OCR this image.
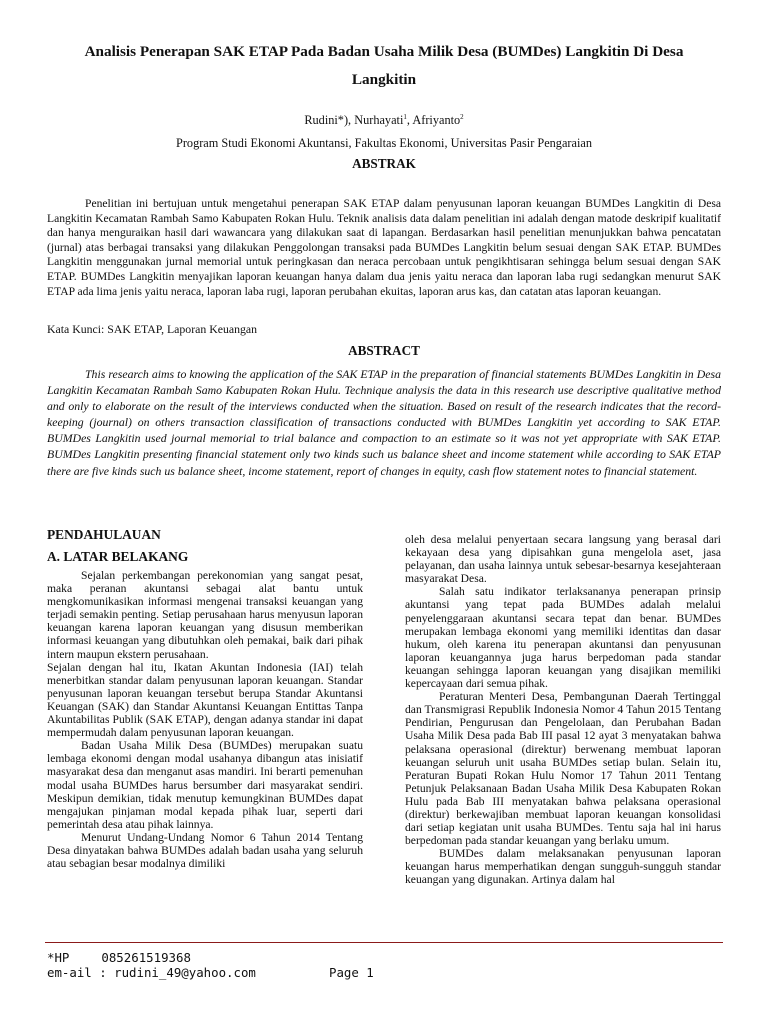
Analisis Penerapan SAK ETAP Pada Badan Usaha Milik Desa (BUMDes) Langkitin Di Desa Langkitin
Rudini*), Nurhayati$^1$, Afriyanto$^2$
Program Studi Ekonomi Akuntansi, Fakultas Ekonomi, Universitas Pasir Pengaraian
ABSTRAK

Penelitian ini bertujuan untuk mengetahui penerapan SAK ETAP dalam penyusunan laporan keuangan BUMDes Langkitin di Desa Langkitin Kecamatan Rambah Samo Kabupaten Rokan Hulu. Teknik analisis data dalam penelitian ini adalah dengan matode deskripif kualitatif dan hanya menguraikan hasil dari wawancara yang dilakukan saat di lapangan. Berdasarkan hasil penelitian menunjukkan bahwa pencatatan (jurnal) atas berbagai transaksi yang dilakukan Penggolongan transaksi pada BUMDes Langkitin belum sesuai dengan SAK ETAP. BUMDes Langkitin menggunakan jurnal memorial untuk peringkasan dan neraca percobaan untuk pengikhtisaran sehingga belum sesuai dengan SAK ETAP. BUMDes Langkitin menyajikan laporan keuangan hanya dalam dua jenis yaitu neraca dan laporan laba rugi sedangkan menurut SAK ETAP ada lima jenis yaitu neraca, laporan laba rugi, laporan perubahan ekuitas, laporan arus kas, dan catatan atas laporan keuangan.

Kata Kunci: SAK ETAP, Laporan Keuangan
ABSTRACT

This research aims to knowing the application of the SAK ETAP in the preparation of financial statements BUMDes Langkitin in Desa Langkitin Kecamatan Rambah Samo Kabupaten Rokan Hulu. Technique analysis the data in this research use descriptive qualitative method and only to elaborate on the result of the interviews conducted when the situation. Based on result of the research indicates that the record-keeping (journal) on others transaction classification of transactions conducted with BUMDes Langkitin yet according to SAK ETAP. BUMDes Langkitin used journal memorial to trial balance and compaction to an estimate so it was not yet appropriate with SAK ETAP. BUMDes Langkitin presenting financial statement only two kinds such us balance sheet and income statement while according to SAK ETAP there are five kinds such us balance sheet, income statement, report of changes in equity, cash flow statement notes to financial statement.

PENDAHULAUAN
A. LATAR BELAKANG

Sejalan perkembangan perekonomian yang sangat pesat, maka peranan akuntansi sebagai alat bantu untuk mengkomunikasikan informasi mengenai transaksi keuangan yang terjadi semakin penting. Setiap perusahaan harus menyusun laporan keuangan karena laporan keuangan yang disusun memberikan informasi keuangan yang dibutuhkan oleh pemakai, baik dari pihak intern maupun ekstern perusahaan.

Sejalan dengan hal itu, Ikatan Akuntan Indonesia (IAI) telah menerbitkan standar dalam penyusunan laporan keuangan. Standar penyusunan laporan keuangan tersebut berupa Standar Akuntansi Keuangan (SAK) dan Standar Akuntansi Keuangan Entittas Tanpa Akuntabilitas Publik (SAK ETAP), dengan adanya standar ini dapat mempermudah dalam penyusunan laporan keuangan.

Badan Usaha Milik Desa (BUMDes) merupakan suatu lembaga ekonomi dengan modal usahanya dibangun atas inisiatif masyarakat desa dan menganut asas mandiri. Ini berarti pemenuhan modal usaha BUMDes harus bersumber dari masyarakat sendiri. Meskipun demikian, tidak menutup kemungkinan BUMDes dapat mengajukan pinjaman modal kepada pihak luar, seperti dari pemerintah desa atau pihak lainnya.

Menurut Undang-Undang Nomor 6 Tahun 2014 Tentang Desa dinyatakan bahwa BUMDes adalah badan usaha yang seluruh atau sebagian besar modalnya dimiliki

oleh desa melalui penyertaan secara langsung yang berasal dari kekayaan desa yang dipisahkan guna mengelola aset, jasa pelayanan, dan usaha lainnya untuk sebesar-besarnya kesejahteraan masyarakat Desa.

Salah satu indikator terlaksananya penerapan prinsip akuntansi yang tepat pada BUMDes adalah melalui penyelenggaraan akuntansi secara tepat dan benar. BUMDes merupakan lembaga ekonomi yang memiliki identitas dan dasar hukum, oleh karena itu penerapan akuntansi dan penyusunan laporan keuangannya juga harus berpedoman pada standar keuangan sehingga laporan keuangan yang disajikan memiliki kepercayaan dari semua pihak.

Peraturan Menteri Desa, Pembangunan Daerah Tertinggal dan Transmigrasi Republik Indonesia Nomor 4 Tahun 2015 Tentang Pendirian, Pengurusan dan Pengelolaan, dan Perubahan Badan Usaha Milik Desa pada Bab III pasal 12 ayat 3 menyatakan bahwa pelaksana operasional (direktur) berwenang membuat laporan keuangan seluruh unit usaha BUMDes setiap bulan. Selain itu, Peraturan Bupati Rokan Hulu Nomor 17 Tahun 2011 Tentang Petunjuk Pelaksanaan Badan Usaha Milik Desa Kabupaten Rokan Hulu pada Bab III menyatakan bahwa pelaksana operasional (direktur) berkewajiban membuat laporan keuangan konsolidasi dari setiap kegiatan unit usaha BUMDes. Tentu saja hal ini harus berpedoman pada standar keuangan yang berlaku umum.

BUMDes dalam melaksanakan penyusunan laporan keuangan harus memperhatikan dengan sungguh-sungguh standar keuangan yang digunakan. Artinya dalam hal

*HP	085261519368
em-ail : rudini_49@yahoo.com	Page 1
